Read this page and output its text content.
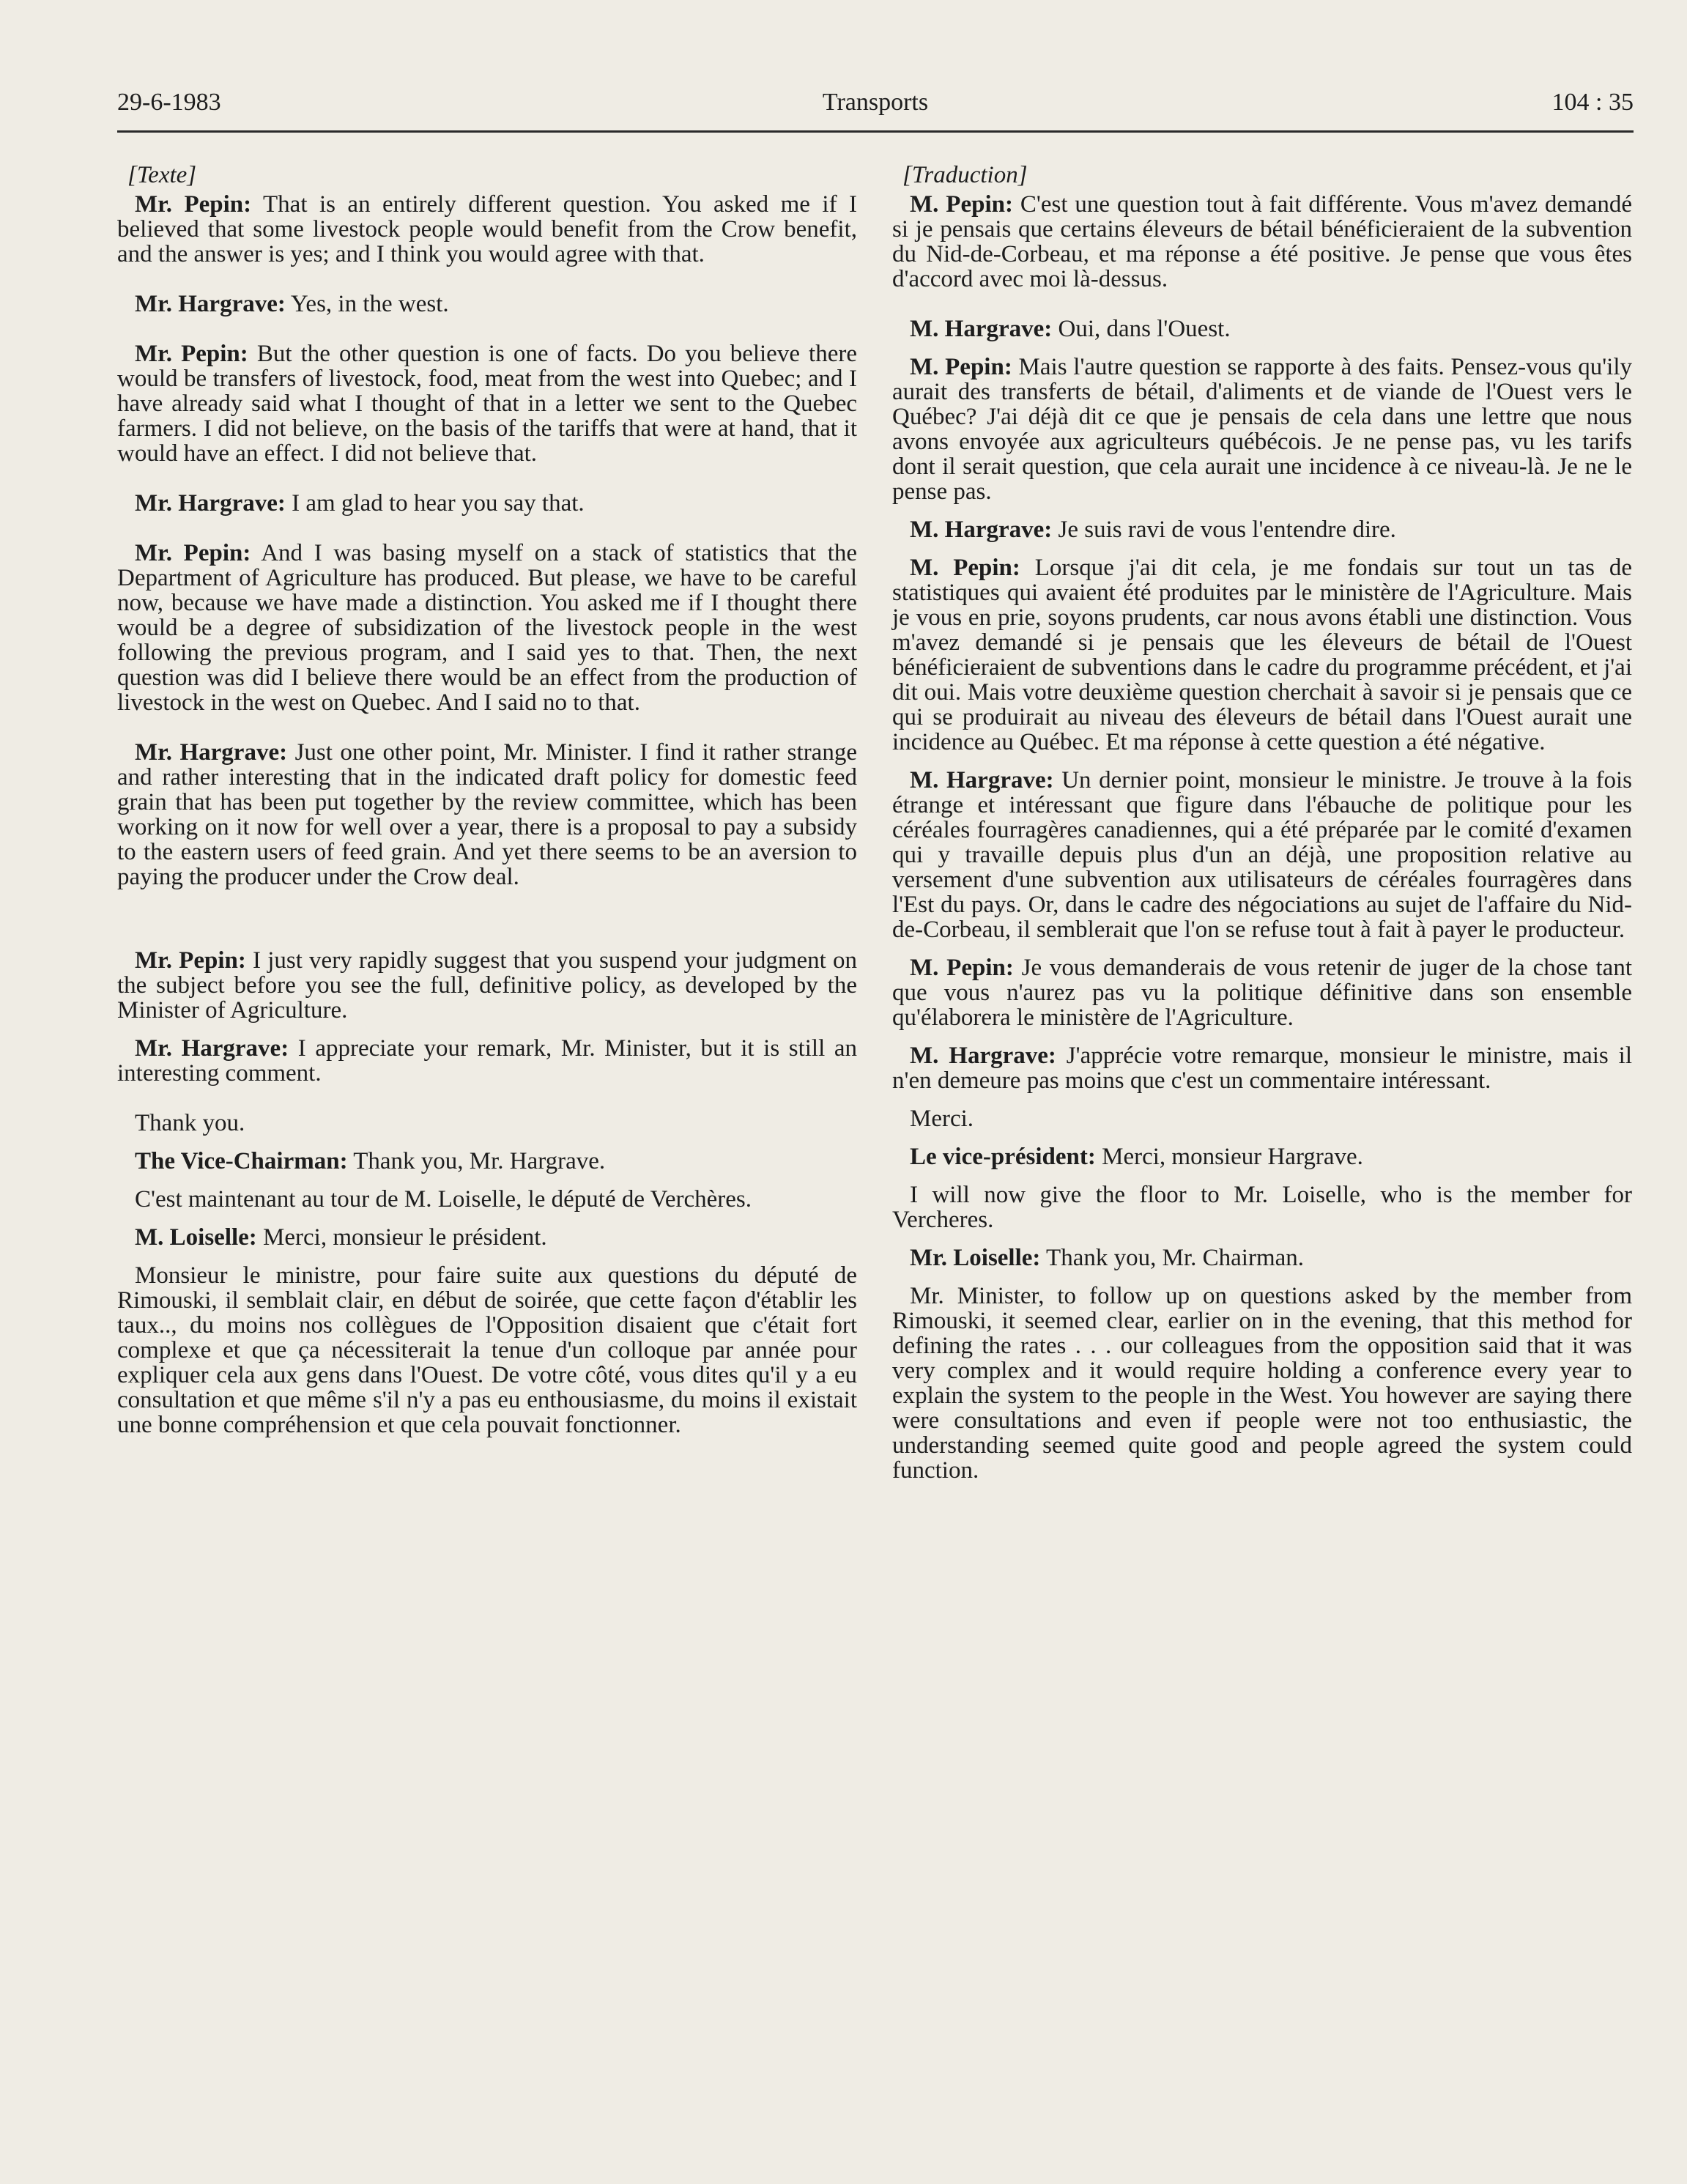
29-6-1983	Transports	104 : 35
[Texte]

Mr. Pepin: That is an entirely different question. You asked me if I believed that some livestock people would benefit from the Crow benefit, and the answer is yes; and I think you would agree with that.

Mr. Hargrave: Yes, in the west.

Mr. Pepin: But the other question is one of facts. Do you believe there would be transfers of livestock, food, meat from the west into Quebec; and I have already said what I thought of that in a letter we sent to the Quebec farmers. I did not believe, on the basis of the tariffs that were at hand, that it would have an effect. I did not believe that.

Mr. Hargrave: I am glad to hear you say that.

Mr. Pepin: And I was basing myself on a stack of statistics that the Department of Agriculture has produced. But please, we have to be careful now, because we have made a distinction. You asked me if I thought there would be a degree of subsidization of the livestock people in the west following the previous program, and I said yes to that. Then, the next question was did I believe there would be an effect from the production of livestock in the west on Quebec. And I said no to that.

Mr. Hargrave: Just one other point, Mr. Minister. I find it rather strange and rather interesting that in the indicated draft policy for domestic feed grain that has been put together by the review committee, which has been working on it now for well over a year, there is a proposal to pay a subsidy to the eastern users of feed grain. And yet there seems to be an aversion to paying the producer under the Crow deal.

Mr. Pepin: I just very rapidly suggest that you suspend your judgment on the subject before you see the full, definitive policy, as developed by the Minister of Agriculture.

Mr. Hargrave: I appreciate your remark, Mr. Minister, but it is still an interesting comment.

Thank you.

The Vice-Chairman: Thank you, Mr. Hargrave.

C'est maintenant au tour de M. Loiselle, le député de Verchères.

M. Loiselle: Merci, monsieur le président.

Monsieur le ministre, pour faire suite aux questions du député de Rimouski, il semblait clair, en début de soirée, que cette façon d'établir les taux.., du moins nos collègues de l'Opposition disaient que c'était fort complexe et que ça nécessiterait la tenue d'un colloque par année pour expliquer cela aux gens dans l'Ouest. De votre côté, vous dites qu'il y a eu consultation et que même s'il n'y a pas eu enthousiasme, du moins il existait une bonne compréhension et que cela pouvait fonctionner.

[Traduction]

M. Pepin: C'est une question tout à fait différente. Vous m'avez demandé si je pensais que certains éleveurs de bétail bénéficieraient de la subvention du Nid-de-Corbeau, et ma réponse a été positive. Je pense que vous êtes d'accord avec moi là-dessus.

M. Hargrave: Oui, dans l'Ouest.

M. Pepin: Mais l'autre question se rapporte à des faits. Pensez-vous qu'ily aurait des transferts de bétail, d'aliments et de viande de l'Ouest vers le Québec? J'ai déjà dit ce que je pensais de cela dans une lettre que nous avons envoyée aux agriculteurs québécois. Je ne pense pas, vu les tarifs dont il serait question, que cela aurait une incidence à ce niveau-là. Je ne le pense pas.

M. Hargrave: Je suis ravi de vous l'entendre dire.

M. Pepin: Lorsque j'ai dit cela, je me fondais sur tout un tas de statistiques qui avaient été produites par le ministère de l'Agriculture. Mais je vous en prie, soyons prudents, car nous avons établi une distinction. Vous m'avez demandé si je pensais que les éleveurs de bétail de l'Ouest bénéficieraient de subventions dans le cadre du programme précédent, et j'ai dit oui. Mais votre deuxième question cherchait à savoir si je pensais que ce qui se produirait au niveau des éleveurs de bétail dans l'Ouest aurait une incidence au Québec. Et ma réponse à cette question a été négative.

M. Hargrave: Un dernier point, monsieur le ministre. Je trouve à la fois étrange et intéressant que figure dans l'ébauche de politique pour les céréales fourragères canadiennes, qui a été préparée par le comité d'examen qui y travaille depuis plus d'un an déjà, une proposition relative au versement d'une subvention aux utilisateurs de céréales fourragères dans l'Est du pays. Or, dans le cadre des négociations au sujet de l'affaire du Nid-de-Corbeau, il semblerait que l'on se refuse tout à fait à payer le producteur.

M. Pepin: Je vous demanderais de vous retenir de juger de la chose tant que vous n'aurez pas vu la politique définitive dans son ensemble qu'élaborera le ministère de l'Agriculture.

M. Hargrave: J'apprécie votre remarque, monsieur le ministre, mais il n'en demeure pas moins que c'est un commentaire intéressant.

Merci.

Le vice-président: Merci, monsieur Hargrave.

I will now give the floor to Mr. Loiselle, who is the member for Vercheres.

Mr. Loiselle: Thank you, Mr. Chairman.

Mr. Minister, to follow up on questions asked by the member from Rimouski, it seemed clear, earlier on in the evening, that this method for defining the rates . . . our colleagues from the opposition said that it was very complex and it would require holding a conference every year to explain the system to the people in the West. You however are saying there were consultations and even if people were not too enthusiastic, the understanding seemed quite good and people agreed the system could function.
